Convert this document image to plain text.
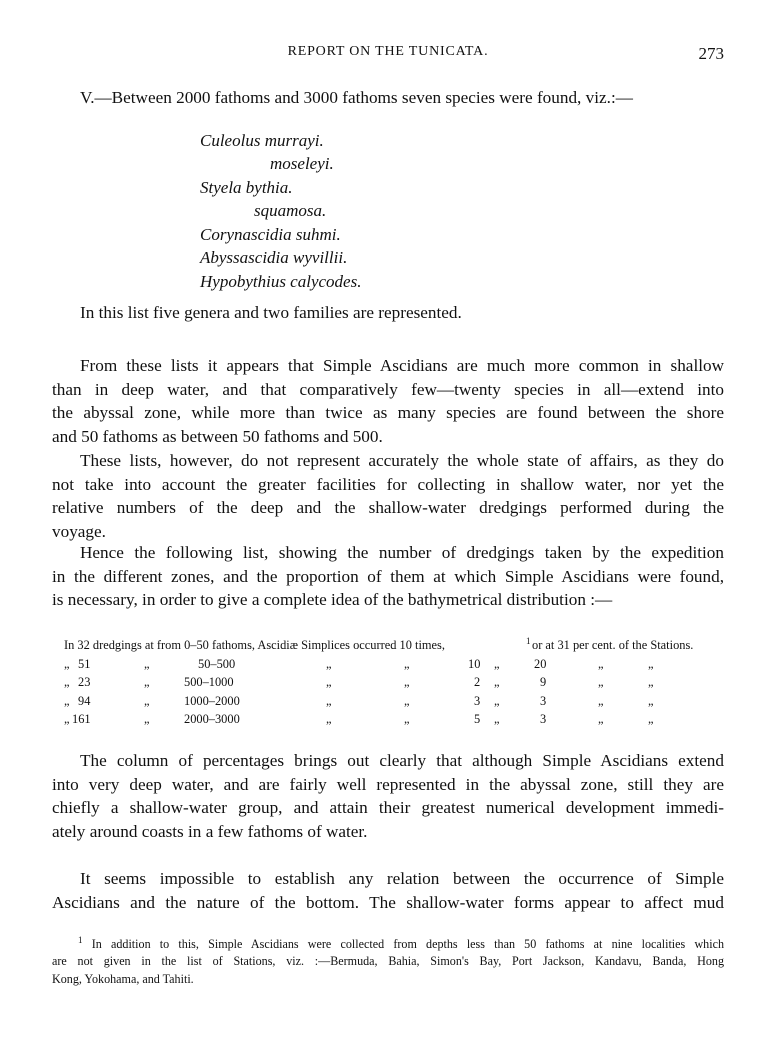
REPORT ON THE TUNICATA.	273
V.—Between 2000 fathoms and 3000 fathoms seven species were found, viz.:—
Culeolus murrayi.
moseleyi.
Styela bythia.
squamosa.
Corynascidia suhmi.
Abyssascidia wyvillii.
Hypobythius calycodes.
In this list five genera and two families are represented.
From these lists it appears that Simple Ascidians are much more common in shallow
than in deep water, and that comparatively few—twenty species in all—extend into
the abyssal zone, while more than twice as many species are found between the shore
and 50 fathoms as between 50 fathoms and 500.
These lists, however, do not represent accurately the whole state of affairs, as they do
not take into account the greater facilities for collecting in shallow water, nor yet the
relative numbers of the deep and the shallow-water dredgings performed during the
voyage.
Hence the following list, showing the number of dredgings taken by the expedition
in the different zones, and the proportion of them at which Simple Ascidians were found,
is necessary, in order to give a complete idea of the bathymetrical distribution :—
In 32 dredgings at from 0–50 fathoms, Ascidiæ Simplices occurred 10 times,	$^1$ or at 31 per cent. of the Stations.
„ 51	„	50–500	„	„	10 „	20	„	„
„ 23	„	500–1000	„	„	2 „	9	„	„
„ 94	„	1000–2000	„	„	3 „	3	„	„
„ 161	„	2000–3000	„	„	5 „	3	„	„
The column of percentages brings out clearly that although Simple Ascidians extend
into very deep water, and are fairly well represented in the abyssal zone, still they are
chiefly a shallow-water group, and attain their greatest numerical development immedi-
ately around coasts in a few fathoms of water.
It seems impossible to establish any relation between the occurrence of Simple
Ascidians and the nature of the bottom. The shallow-water forms appear to affect mud
$^1$ In addition to this, Simple Ascidians were collected from depths less than 50 fathoms at nine localities which
are not given in the list of Stations, viz. :—Bermuda, Bahia, Simon's Bay, Port Jackson, Kandavu, Banda, Hong
Kong, Yokohama, and Tahiti.
